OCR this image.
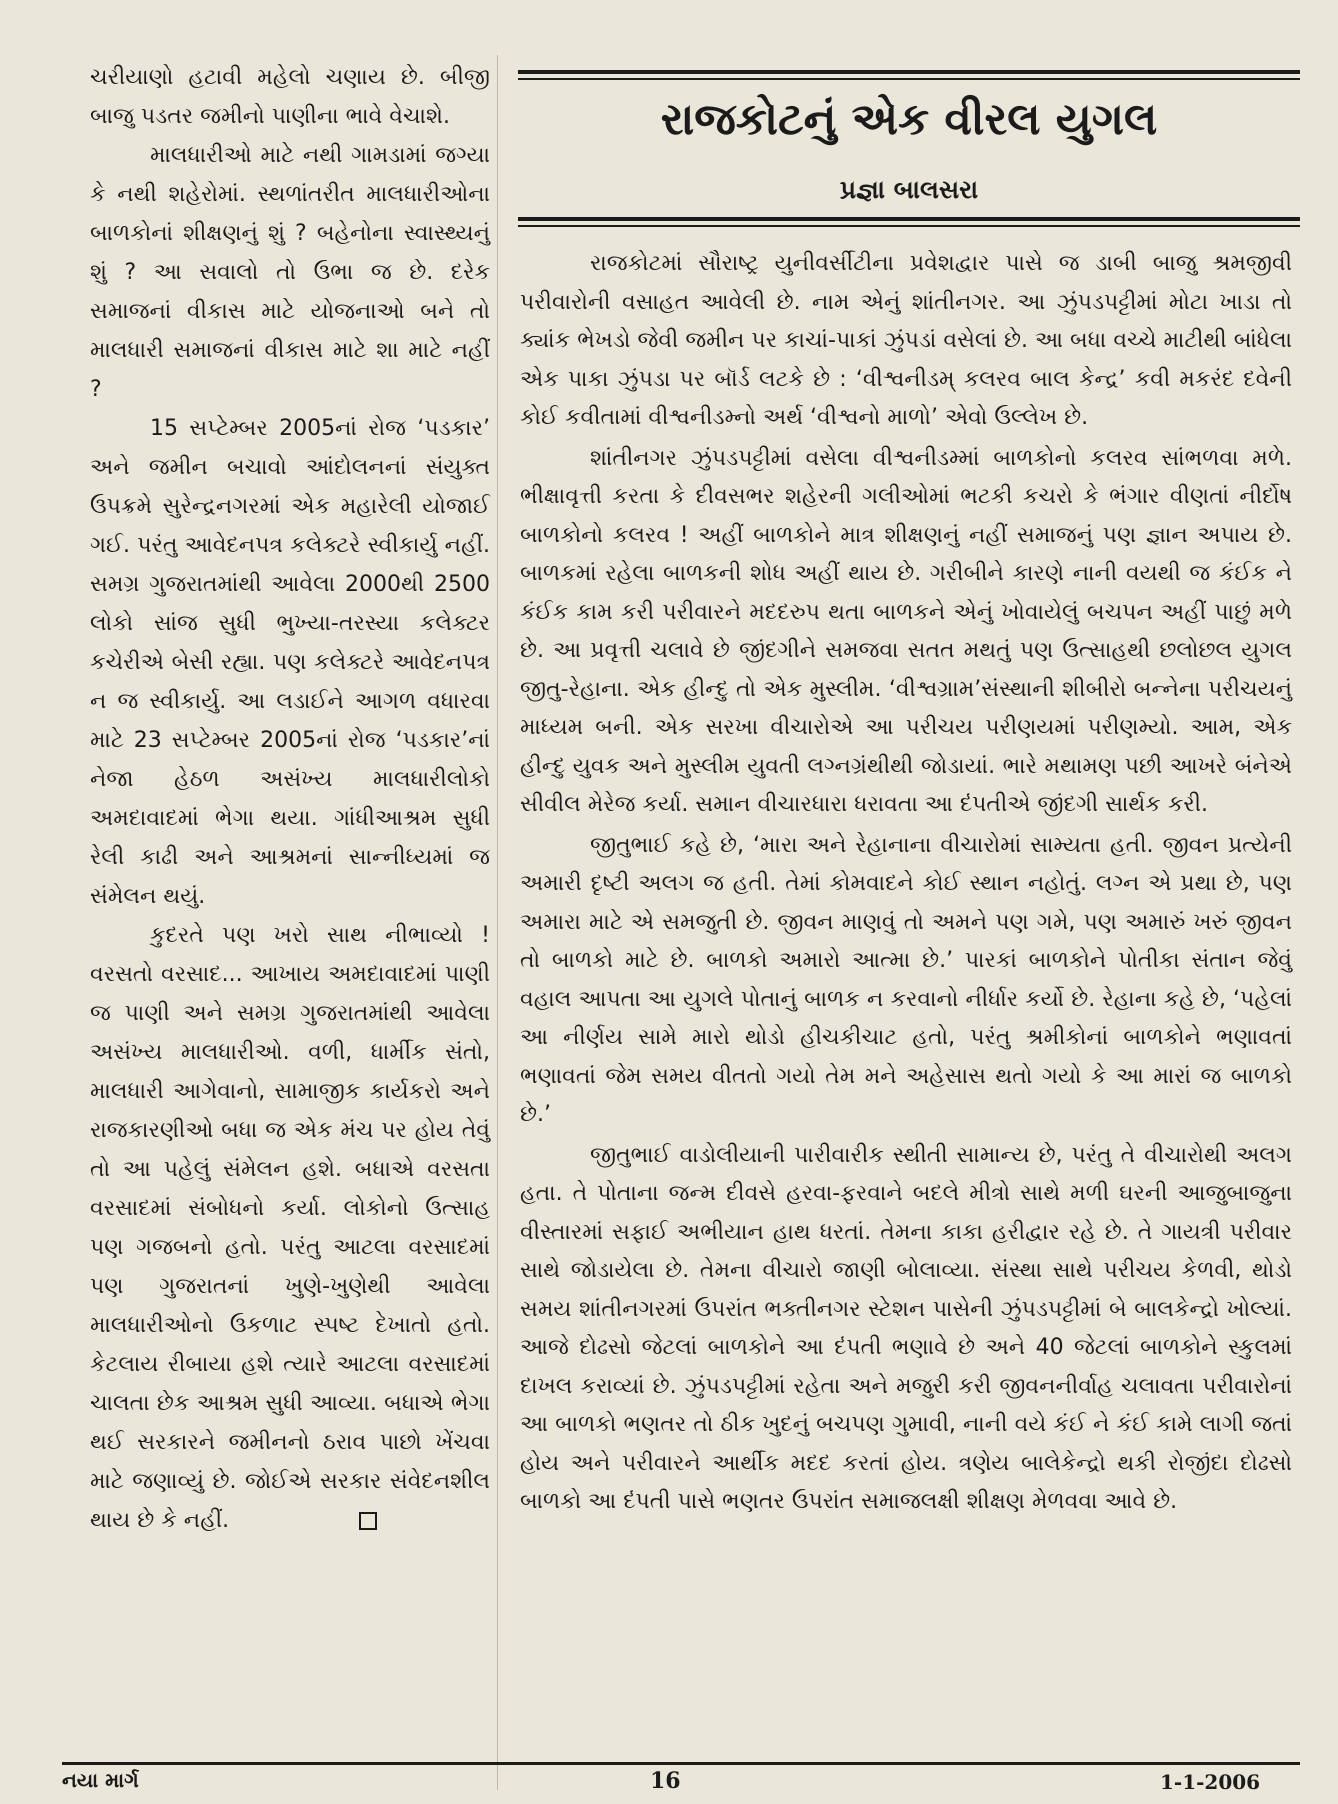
ચરીયાણો હટાવી મહેલો ચણાય છે. બીજી બાજુ પડતર જમીનો પાણીના ભાવે વેચાશે.

માલધારીઓ માટે નથી ગામડામાં જગ્યા કે નથી શહેરોમાં. સ્થળાંતરીત માલધારીઓના બાળકોનાં શીક્ષણનું શું ? બહેનોના સ્વાસ્થ્યનું શું ? આ સવાલો તો ઉભા જ છે. દરેક સમાજનાં વીકાસ માટે યોજનાઓ બને તો માલધારી સમાજનાં વીકાસ માટે શા માટે નહીં ?

15 સપ્ટેમ્બર 2005નાં રોજ ‘પડકાર’ અને જમીન બચાવો આંદોલનનાં સંયુક્ત ઉપક્રમે સુરેન્દ્રનગરમાં એક મહારેલી યોજાઈ ગઈ. પરંતુ આવેદનપત્ર કલેક્ટરે સ્વીકાર્યુ નહીં. સમગ્ર ગુજરાતમાંથી આવેલા 2000થી 2500 લોકો સાંજ સુધી ભુખ્યા-તરસ્યા કલેક્ટર કચેરીએ બેસી રહ્યા. પણ કલેક્ટરે આવેદનપત્ર ન જ સ્વીકાર્યુ. આ લડાઈને આગળ વધારવા માટે 23 સપ્ટેમ્બર 2005નાં રોજ ‘પડકાર’નાં નેજા હેઠળ અસંખ્ય માલધારીલોકો અમદાવાદમાં ભેગા થયા. ગાંધીઆશ્રમ સુધી રેલી કાઢી અને આશ્રમનાં સાન્નીધ્યમાં જ સંમેલન થયું.

કુદરતે પણ ખરો સાથ નીભાવ્યો ! વરસતો વરસાદ... આખાય અમદાવાદમાં પાણી જ પાણી અને સમગ્ર ગુજરાતમાંથી આવેલા અસંખ્ય માલધારીઓ. વળી, ધાર્મીક સંતો, માલધારી આગેવાનો, સામાજીક કાર્યકરો અને રાજકારણીઓ બધા જ એક મંચ પર હોય તેવું તો આ પહેલું સંમેલન હશે. બધાએ વરસતા વરસાદમાં સંબોધનો કર્યા. લોકોનો ઉત્સાહ પણ ગજબનો હતો. પરંતુ આટલા વરસાદમાં પણ ગુજરાતનાં ખુણે-ખુણેથી આવેલા માલધારીઓનો ઉકળાટ સ્પષ્ટ દેખાતો હતો. કેટલાય રીબાયા હશે ત્યારે આટલા વરસાદમાં ચાલતા છેક આશ્રમ સુધી આવ્યા. બધાએ ભેગા થઈ સરકારને જમીનનો ઠરાવ પાછો ખેંચવા માટે જણાવ્યું છે. જોઈએ સરકાર સંવેદનશીલ થાય છે કે નહીં.

રાજકોટનું એક વીરલ યુગલ
પ્રજ્ઞા બાલસરા

રાજકોટમાં સૌરાષ્ટ્ર યુનીવર્સીટીના પ્રવેશદ્વાર પાસે જ ડાબી બાજુ શ્રમજીવી પરીવારોની વસાહત આવેલી છે. નામ એનું શાંતીનગર. આ ઝુંપડપટ્ટીમાં મોટા ખાડા તો ક્યાંક ભેખડો જેવી જમીન પર કાચાં-પાકાં ઝુંપડાં વસેલાં છે. આ બધા વચ્ચે માટીથી બાંધેલા એક પાકા ઝુંપડા પર બૉર્ડ લટકે છે : ‘વીશ્વનીડમ્ કલરવ બાલ કેન્દ્ર’ કવી મકરંદ દવેની કોઈ કવીતામાં વીશ્વનીડમ્નો અર્થ ‘વીશ્વનો માળો’ એવો ઉલ્લેખ છે.

શાંતીનગર ઝુંપડપટ્ટીમાં વસેલા વીશ્વનીડમ્માં બાળકોનો કલરવ સાંભળવા મળે. ભીક્ષાવૃત્તી કરતા કે દીવસભર શહેરની ગલીઓમાં ભટકી કચરો કે ભંગાર વીણતાં નીર્દોષ બાળકોનો કલરવ ! અહીં બાળકોને માત્ર શીક્ષણનું નહીં સમાજનું પણ જ્ઞાન અપાય છે. બાળકમાં રહેલા બાળકની શોધ અહીં થાય છે. ગરીબીને કારણે નાની વયથી જ કંઈક ને કંઈક કામ કરી પરીવારને મદદરુપ થતા બાળકને એનું ખોવાયેલું બચપન અહીં પાછું મળે છે. આ પ્રવૃત્તી ચલાવે છે જીંદગીને સમજવા સતત મથતું પણ ઉત્સાહથી છલોછલ યુગલ જીતુ-રેહાના. એક હીન્દુ તો એક મુસ્લીમ. ‘વીશ્વગ્રામ’સંસ્થાની શીબીરો બન્નેના પરીચયનું માધ્યમ બની. એક સરખા વીચારોએ આ પરીચય પરીણયમાં પરીણમ્યો. આમ, એક હીન્દુ યુવક અને મુસ્લીમ યુવતી લગ્નગ્રંથીથી જોડાયાં. ભારે મથામણ પછી આખરે બંનેએ સીવીલ મેરેજ કર્યા. સમાન વીચારધારા ધરાવતા આ દંપતીએ જીંદગી સાર્થક કરી.

જીતુભાઈ કહે છે, ‘મારા અને રેહાનાના વીચારોમાં સામ્યતા હતી. જીવન પ્રત્યેની અમારી દૃષ્ટી અલગ જ હતી. તેમાં કોમવાદને કોઈ સ્થાન નહોતું. લગ્ન એ પ્રથા છે, પણ અમારા માટે એ સમજુતી છે. જીવન માણવું તો અમને પણ ગમે, પણ અમારું ખરું જીવન તો બાળકો માટે છે. બાળકો અમારો આત્મા છે.’ પારકાં બાળકોને પોતીકા સંતાન જેવું વહાલ આપતા આ યુગલે પોતાનું બાળક ન કરવાનો નીર્ધાર કર્યો છે. રેહાના કહે છે, ‘પહેલાં આ નીર્ણય સામે મારો થોડો હીચકીચાટ હતો, પરંતુ શ્રમીકોનાં બાળકોને ભણાવતાં ભણાવતાં જેમ સમય વીતતો ગયો તેમ મને અહેસાસ થતો ગયો કે આ મારાં જ બાળકો છે.’

જીતુભાઈ વાડોલીયાની પારીવારીક સ્થીતી સામાન્ય છે, પરંતુ તે વીચારોથી અલગ હતા. તે પોતાના જન્મ દીવસે હરવા-ફરવાને બદલે મીત્રો સાથે મળી ઘરની આજુબાજુના વીસ્તારમાં સફાઈ અભીયાન હાથ ધરતાં. તેમના કાકા હરીદ્વાર રહે છે. તે ગાયત્રી પરીવાર સાથે જોડાયેલા છે. તેમના વીચારો જાણી બોલાવ્યા. સંસ્થા સાથે પરીચય કેળવી, થોડો સમય શાંતીનગરમાં ઉપરાંત ભક્તીનગર સ્ટેશન પાસેની ઝુંપડપટ્ટીમાં બે બાલકેન્દ્રો ખોલ્યાં. આજે દોઢસો જેટલાં બાળકોને આ દંપતી ભણાવે છે અને 40 જેટલાં બાળકોને સ્કુલમાં દાખલ કરાવ્યાં છે. ઝુંપડપટ્ટીમાં રહેતા અને મજુરી કરી જીવનનીર્વાહ ચલાવતા પરીવારોનાં આ બાળકો ભણતર તો ઠીક ખુદનું બચપણ ગુમાવી, નાની વયે કંઈ ને કંઈ કામે લાગી જતાં હોય અને પરીવારને આર્થીક મદદ કરતાં હોય. ત્રણેય બાલેકેન્દ્રો થકી રોજીંદા દોઢસો બાળકો આ દંપતી પાસે ભણતર ઉપરાંત સમાજલક્ષી શીક્ષણ મેળવવા આવે છે.

નયા માર્ગ	16	1-1-2006
